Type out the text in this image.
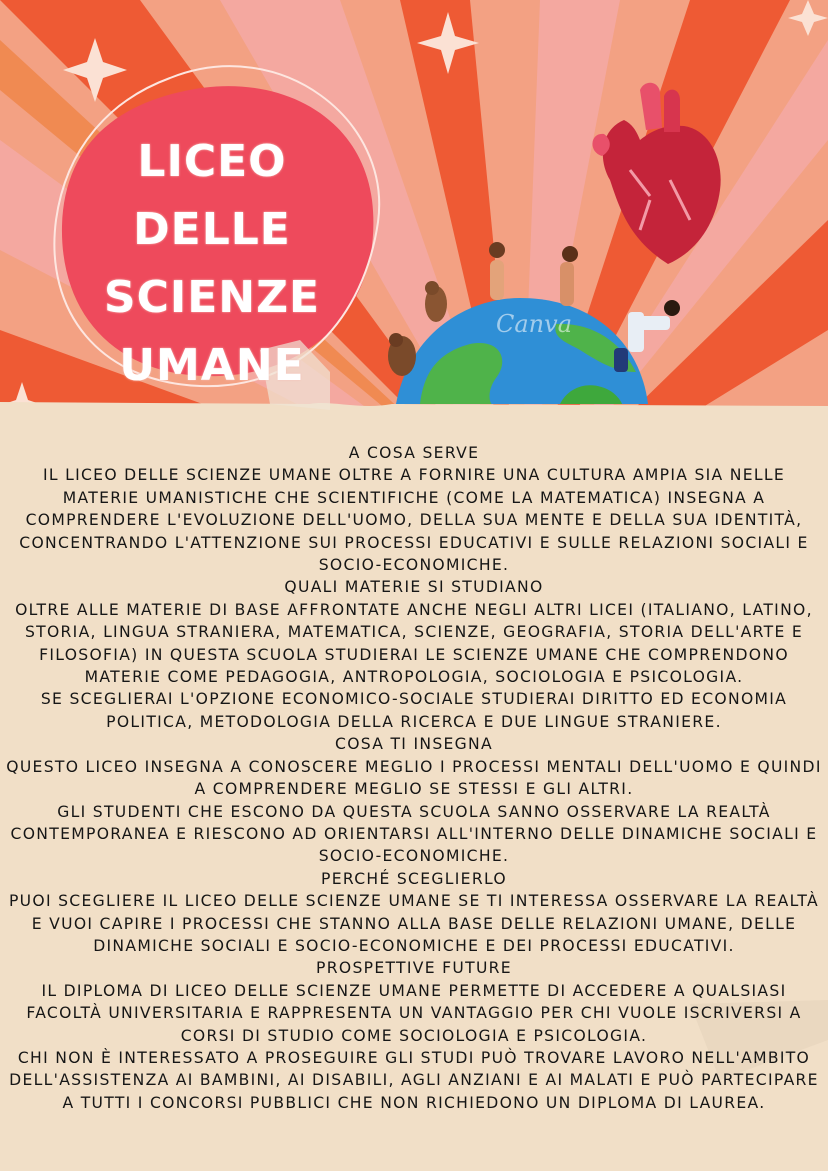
Canva
LICEO DELLE
SCIENZE
UMANE
A COSA SERVE

IL LICEO DELLE SCIENZE UMANE OLTRE A FORNIRE UNA CULTURA AMPIA SIA NELLE MATERIE UMANISTICHE CHE SCIENTIFICHE (COME LA MATEMATICA) INSEGNA A COMPRENDERE L'EVOLUZIONE DELL'UOMO, DELLA SUA MENTE E DELLA SUA IDENTITÀ, CONCENTRANDO L'ATTENZIONE SUI PROCESSI EDUCATIVI E SULLE RELAZIONI SOCIALI E SOCIO-ECONOMICHE.

QUALI MATERIE SI STUDIANO

OLTRE ALLE MATERIE DI BASE AFFRONTATE ANCHE NEGLI ALTRI LICEI (ITALIANO, LATINO, STORIA, LINGUA STRANIERA, MATEMATICA, SCIENZE, GEOGRAFIA, STORIA DELL'ARTE E FILOSOFIA) IN QUESTA SCUOLA STUDIERAI LE SCIENZE UMANE CHE COMPRENDONO MATERIE COME PEDAGOGIA, ANTROPOLOGIA, SOCIOLOGIA E PSICOLOGIA.

SE SCEGLIERAI L'OPZIONE ECONOMICO-SOCIALE STUDIERAI DIRITTO ED ECONOMIA POLITICA, METODOLOGIA DELLA RICERCA E DUE LINGUE STRANIERE.

COSA TI INSEGNA

QUESTO LICEO INSEGNA A CONOSCERE MEGLIO I PROCESSI MENTALI DELL'UOMO E QUINDI A COMPRENDERE MEGLIO SE STESSI E GLI ALTRI.

GLI STUDENTI CHE ESCONO DA QUESTA SCUOLA SANNO OSSERVARE LA REALTÀ CONTEMPORANEA E RIESCONO AD ORIENTARSI ALL'INTERNO DELLE DINAMICHE SOCIALI E SOCIO-ECONOMICHE.

PERCHÉ SCEGLIERLO

PUOI SCEGLIERE IL LICEO DELLE SCIENZE UMANE SE TI INTERESSA OSSERVARE LA REALTÀ E VUOI CAPIRE I PROCESSI CHE STANNO ALLA BASE DELLE RELAZIONI UMANE, DELLE DINAMICHE SOCIALI E SOCIO-ECONOMICHE E DEI PROCESSI EDUCATIVI.

PROSPETTIVE FUTURE

IL DIPLOMA DI LICEO DELLE SCIENZE UMANE PERMETTE DI ACCEDERE A QUALSIASI FACOLTÀ UNIVERSITARIA E RAPPRESENTA UN VANTAGGIO PER CHI VUOLE ISCRIVERSI A CORSI DI STUDIO COME SOCIOLOGIA E PSICOLOGIA.

CHI NON È INTERESSATO A PROSEGUIRE GLI STUDI PUÒ TROVARE LAVORO NELL'AMBITO DELL'ASSISTENZA AI BAMBINI, AI DISABILI, AGLI ANZIANI E AI MALATI E PUÒ PARTECIPARE A TUTTI I CONCORSI PUBBLICI CHE NON RICHIEDONO UN DIPLOMA DI LAUREA.
